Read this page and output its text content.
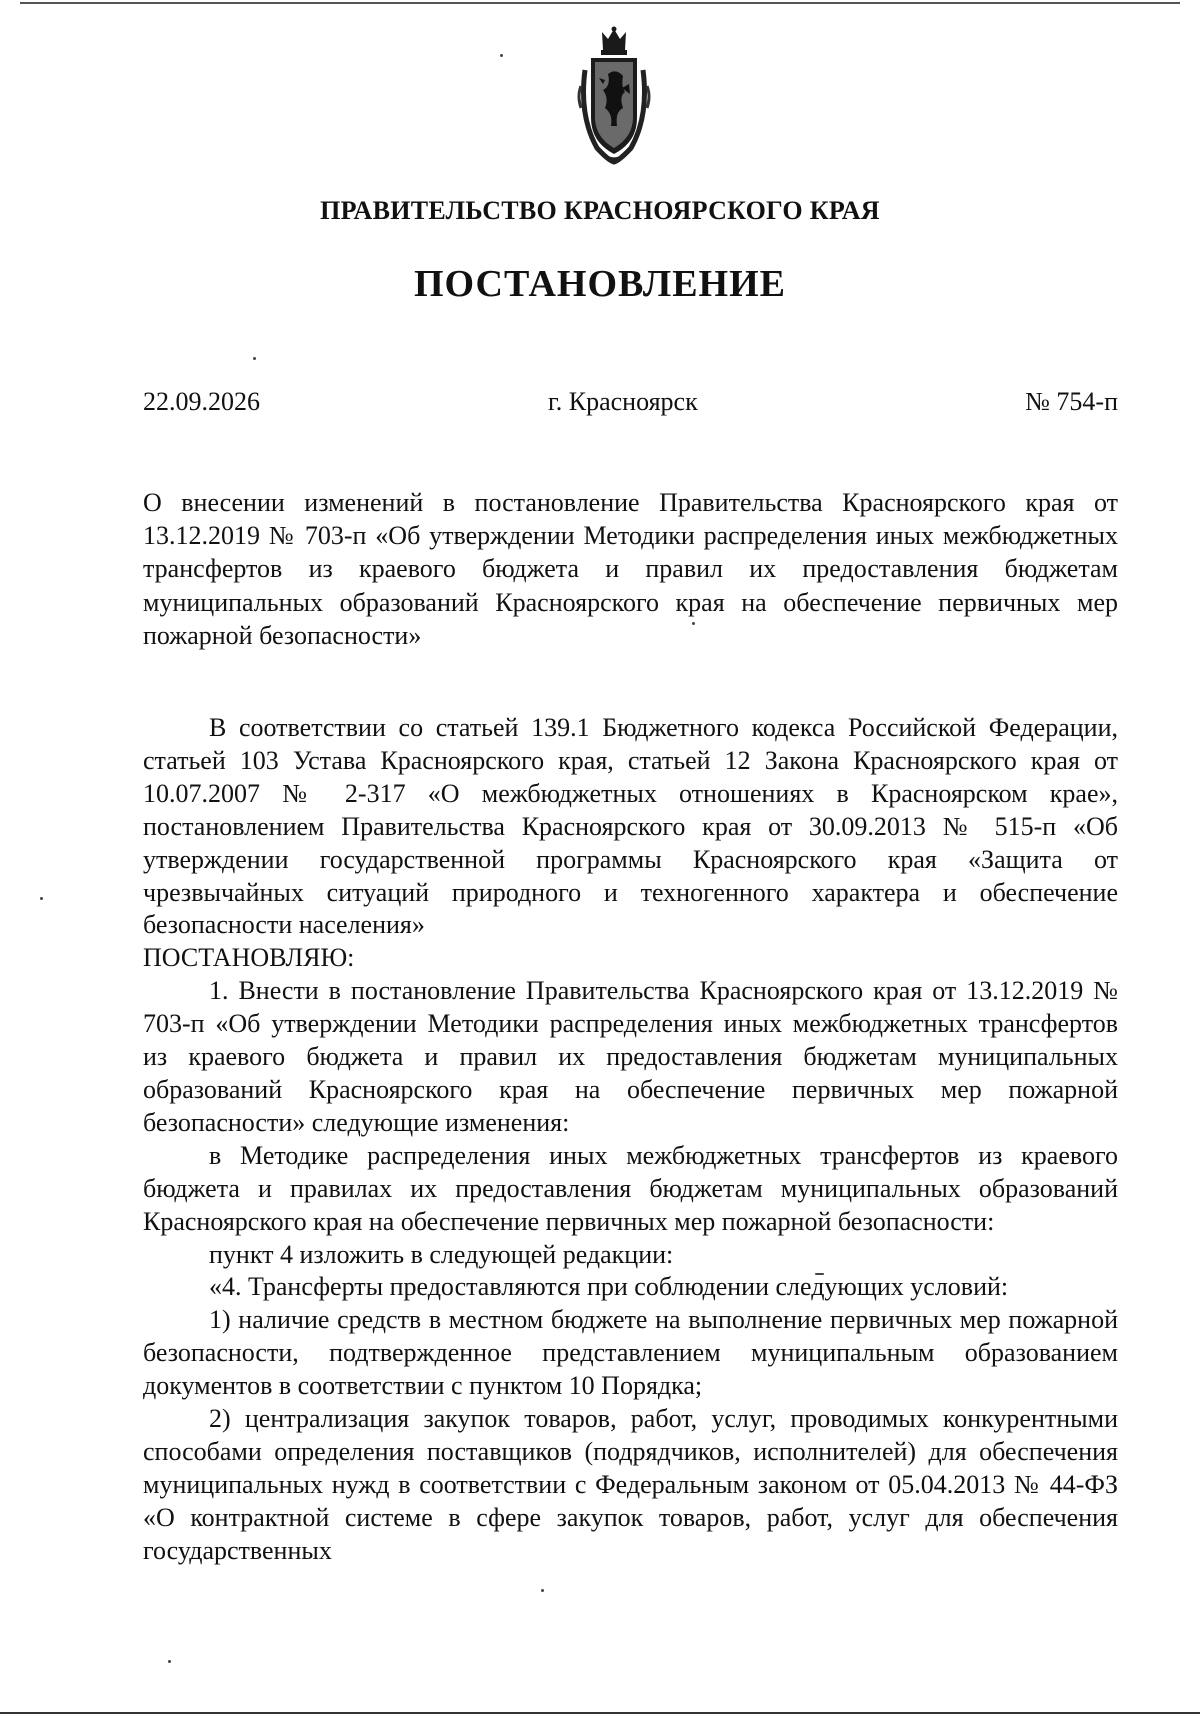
ПРАВИТЕЛЬСТВО КРАСНОЯРСКОГО КРАЯ
ПОСТАНОВЛЕНИЕ

22.09.2026	г. Красноярск	№ 754-п

О внесении изменений в постановление Правительства Красноярского края от 13.12.2019 № 703-п «Об утверждении Методики распределения иных межбюджетных трансфертов из краевого бюджета и правил их предоставления бюджетам муниципальных образований Красноярского края на обеспечение первичных мер пожарной безопасности»

В соответствии со статьей 139.1 Бюджетного кодекса Российской Федерации, статьей 103 Устава Красноярского края, статьей 12 Закона Красноярского края от 10.07.2007 № 2-317 «О межбюджетных отношениях в Красноярском крае», постановлением Правительства Красноярского края от 30.09.2013 № 515-п «Об утверждении государственной программы Красноярского края «Защита от чрезвычайных ситуаций природного и техногенного характера и обеспечение безопасности населения»

ПОСТАНОВЛЯЮ:

1. Внести в постановление Правительства Красноярского края от 13.12.2019 № 703-п «Об утверждении Методики распределения иных межбюджетных трансфертов из краевого бюджета и правил их предоставления бюджетам муниципальных образований Красноярского края на обеспечение первичных мер пожарной безопасности» следующие изменения:

в Методике распределения иных межбюджетных трансфертов из краевого бюджета и правилах их предоставления бюджетам муниципальных образований Красноярского края на обеспечение первичных мер пожарной безопасности:

пункт 4 изложить в следующей редакции:

«4. Трансферты предоставляются при соблюдении следующих условий:

1) наличие средств в местном бюджете на выполнение первичных мер пожарной безопасности, подтвержденное представлением муниципальным образованием документов в соответствии с пунктом 10 Порядка;

2) централизация закупок товаров, работ, услуг, проводимых конкурентными способами определения поставщиков (подрядчиков, исполнителей) для обеспечения муниципальных нужд в соответствии с Федеральным законом от 05.04.2013 № 44-ФЗ «О контрактной системе в сфере закупок товаров, работ, услуг для обеспечения государственных
